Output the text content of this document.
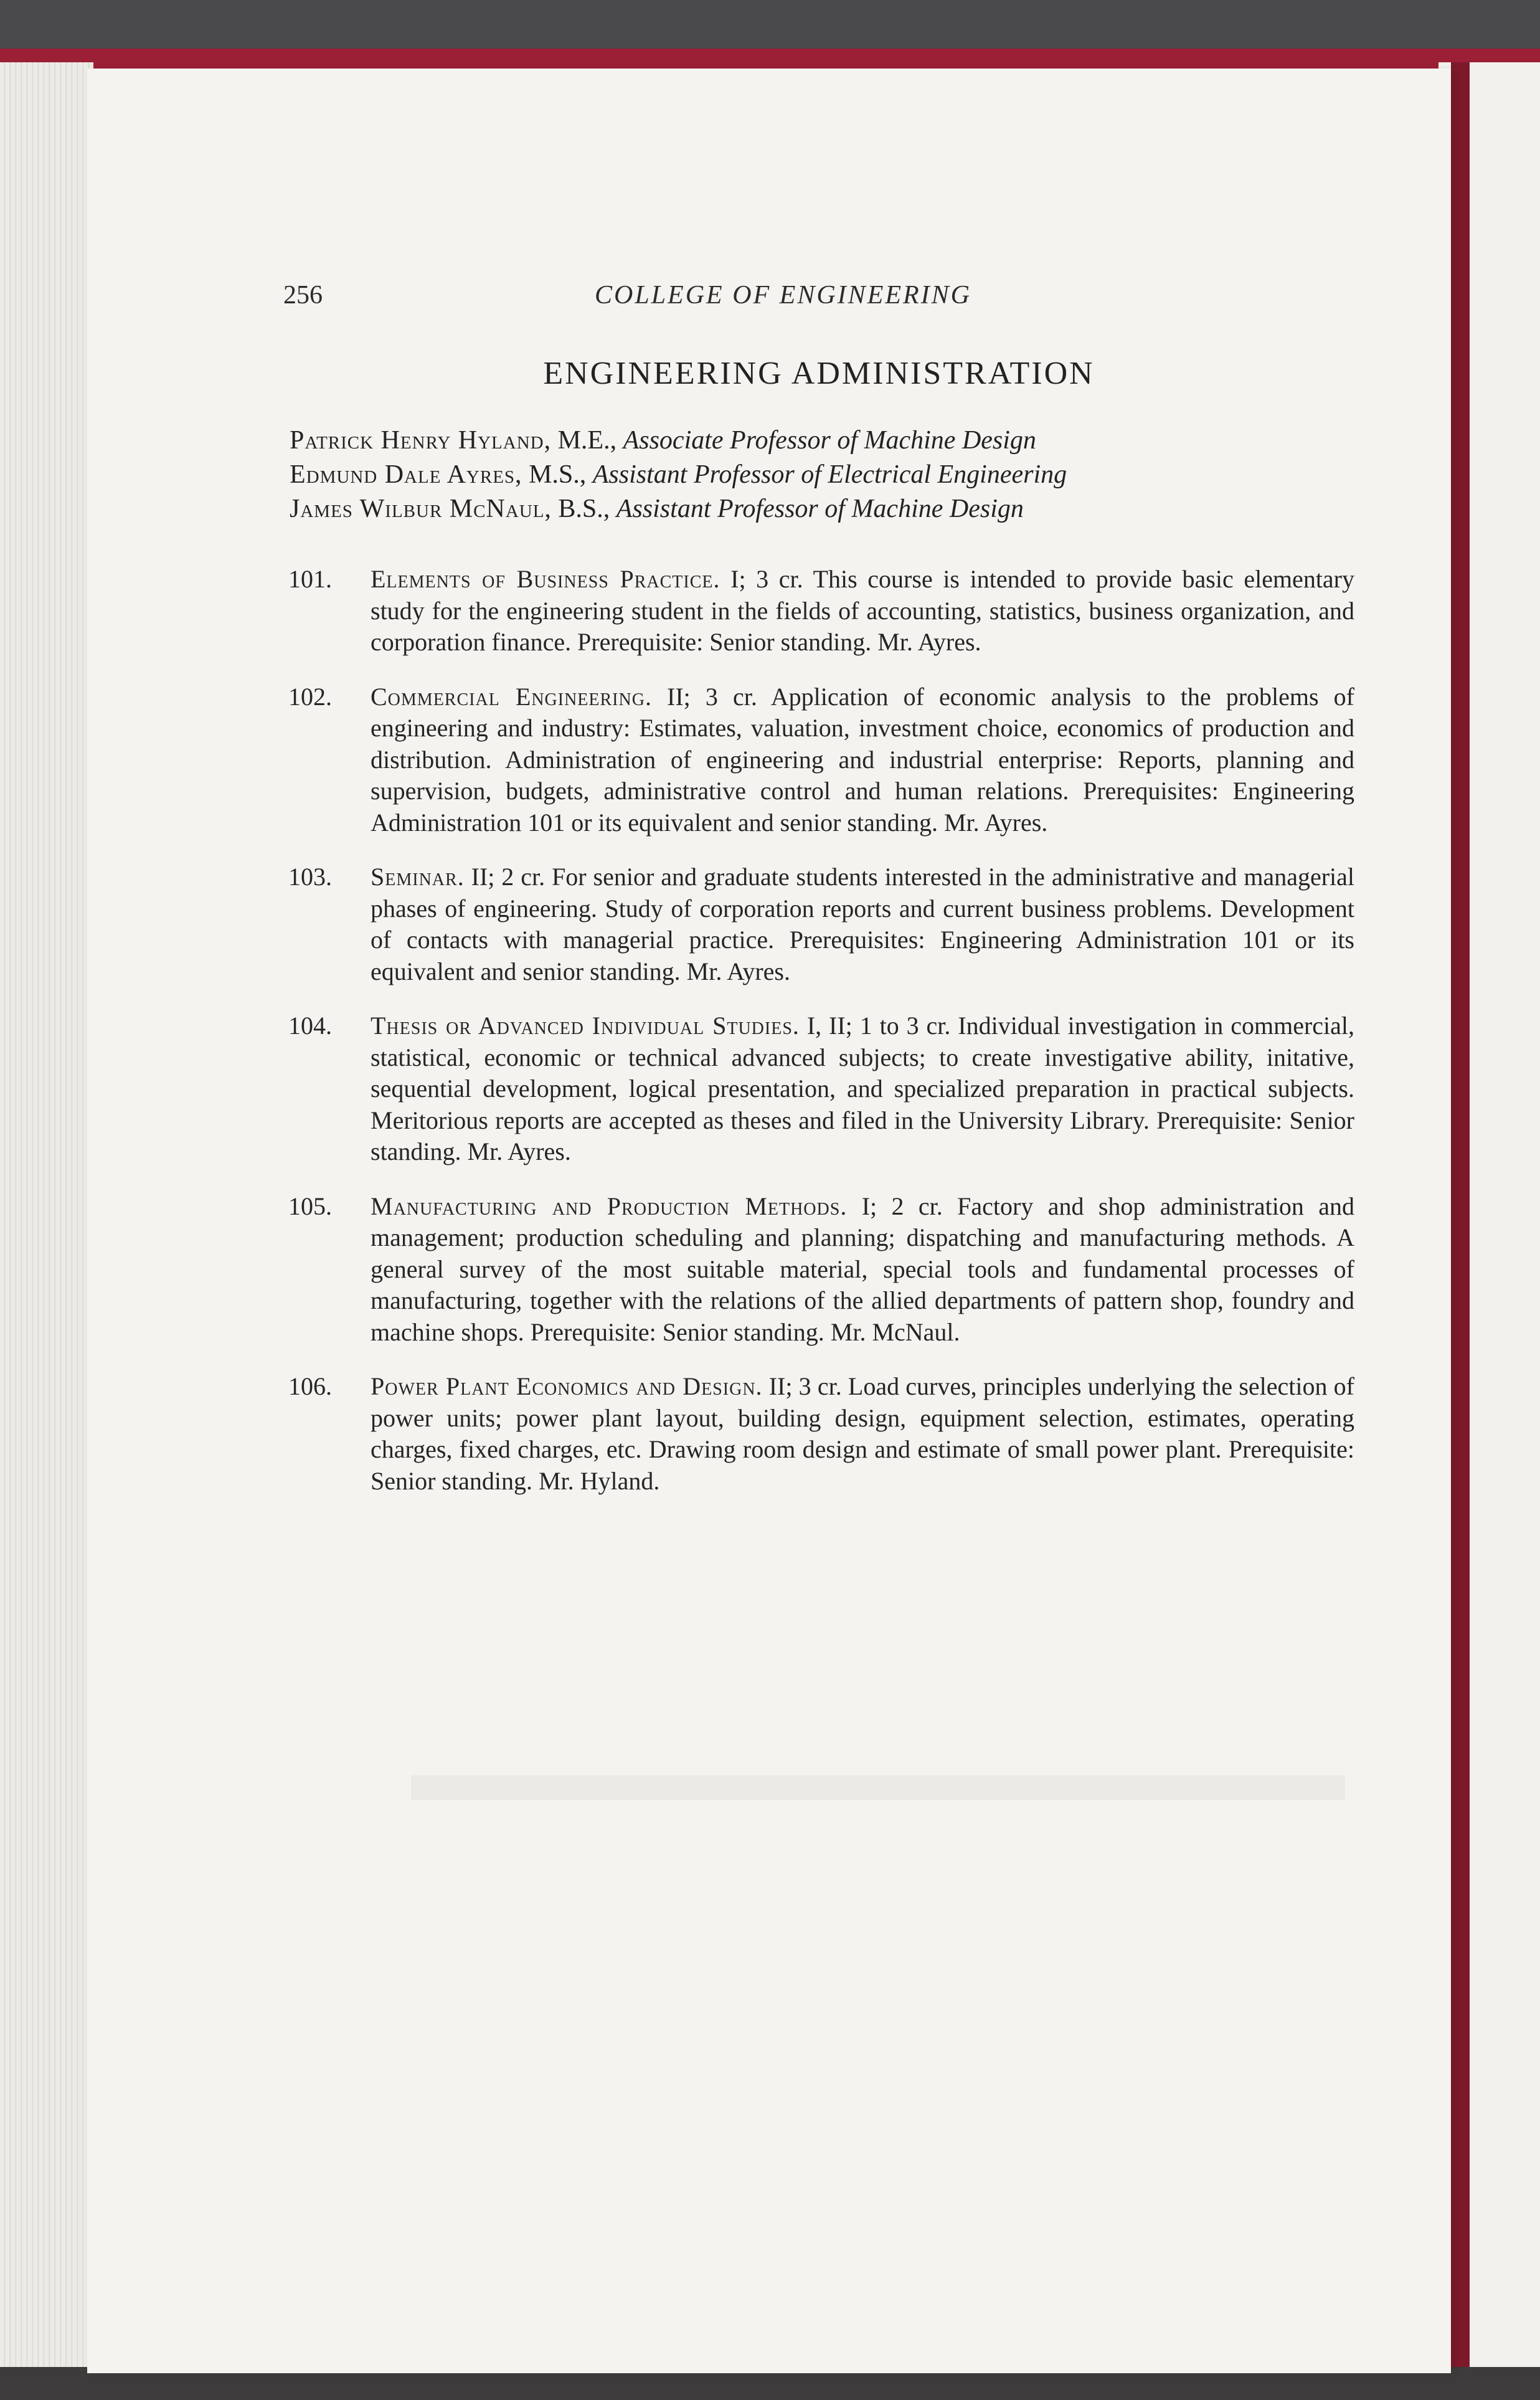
256	COLLEGE OF ENGINEERING
ENGINEERING ADMINISTRATION
Patrick Henry Hyland, M.E., Associate Professor of Machine Design
Edmund Dale Ayres, M.S., Assistant Professor of Electrical Engineering
James Wilbur McNaul, B.S., Assistant Professor of Machine Design
101. Elements of Business Practice. I; 3 cr. This course is intended to provide basic elementary study for the engineering student in the fields of accounting, statistics, business organization, and corporation finance. Prerequisite: Senior standing. Mr. Ayres.
102. Commercial Engineering. II; 3 cr. Application of economic analysis to the problems of engineering and industry: Estimates, valuation, investment choice, economics of production and distribution. Administration of engineering and industrial enterprise: Reports, planning and supervision, budgets, administrative control and human relations. Prerequisites: Engineering Administration 101 or its equivalent and senior standing. Mr. Ayres.
103. Seminar. II; 2 cr. For senior and graduate students interested in the administrative and managerial phases of engineering. Study of corporation reports and current business problems. Development of contacts with managerial practice. Prerequisites: Engineering Administration 101 or its equivalent and senior standing. Mr. Ayres.
104. Thesis or Advanced Individual Studies. I, II; 1 to 3 cr. Individual investigation in commercial, statistical, economic or technical advanced subjects; to create investigative ability, initative, sequential development, logical presentation, and specialized preparation in practical subjects. Meritorious reports are accepted as theses and filed in the University Library. Prerequisite: Senior standing. Mr. Ayres.
105. Manufacturing and Production Methods. I; 2 cr. Factory and shop administration and management; production scheduling and planning; dispatching and manufacturing methods. A general survey of the most suitable material, special tools and fundamental processes of manufacturing, together with the relations of the allied departments of pattern shop, foundry and machine shops. Prerequisite: Senior standing. Mr. McNaul.
106. Power Plant Economics and Design. II; 3 cr. Load curves, principles underlying the selection of power units; power plant layout, building design, equipment selection, estimates, operating charges, fixed charges, etc. Drawing room design and estimate of small power plant. Prerequisite: Senior standing. Mr. Hyland.
